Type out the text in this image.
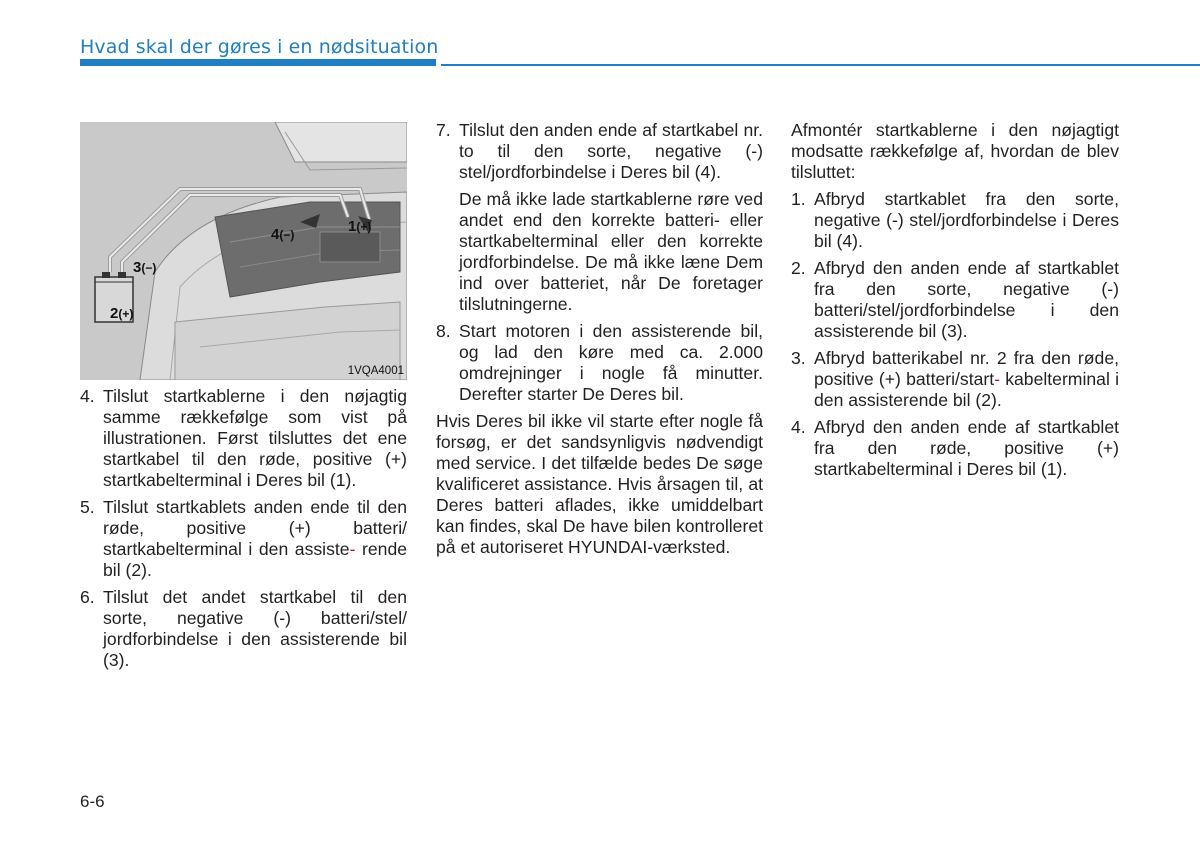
Hvad skal der gøres i en nødsituation
1(+)
4(−)
3(−)
2(+)
1VQA4001
4. Tilslut startkablerne i den nøjagtig samme rækkefølge som vist på illustrationen. Først tilsluttes det ene startkabel til den røde, positive (+) startkabelterminal i Deres bil (1).
5. Tilslut startkablets anden ende til den røde, positive (+) batteri/ startkabelterminal i den assiste- rende bil (2).
6. Tilslut det andet startkabel til den sorte, negative (-) batteri/stel/ jordforbindelse i den assisterende bil (3).
7. Tilslut den anden ende af startkabel nr. to til den sorte, negative (-) stel/jordforbindelse i Deres bil (4).

De må ikke lade startkablerne røre ved andet end den korrekte batteri- eller startkabelterminal eller den korrekte jordforbindelse. De må ikke læne Dem ind over batteriet, når De foretager tilslutningerne.

8. Start motoren i den assisterende bil, og lad den køre med ca. 2.000 omdrejninger i nogle få minutter. Derefter starter De Deres bil.

Hvis Deres bil ikke vil starte efter nogle få forsøg, er det sandsynligvis nødvendigt med service. I det tilfælde bedes De søge kvalificeret assistance. Hvis årsagen til, at Deres batteri aflades, ikke umiddelbart kan findes, skal De have bilen kontrolleret på et autoriseret HYUNDAI-værksted.

Afmontér startkablerne i den nøjagtigt modsatte rækkefølge af, hvordan de blev tilsluttet:

1. Afbryd startkablet fra den sorte, negative (-) stel/jordforbindelse i Deres bil (4).
2. Afbryd den anden ende af startkablet fra den sorte, negative (-) batteri/stel/jordforbindelse i den assisterende bil (3).
3. Afbryd batterikabel nr. 2 fra den røde, positive (+) batteri/start- kabelterminal i den assisterende bil (2).
4. Afbryd den anden ende af startkablet fra den røde, positive (+) startkabelterminal i Deres bil (1).
6-6
